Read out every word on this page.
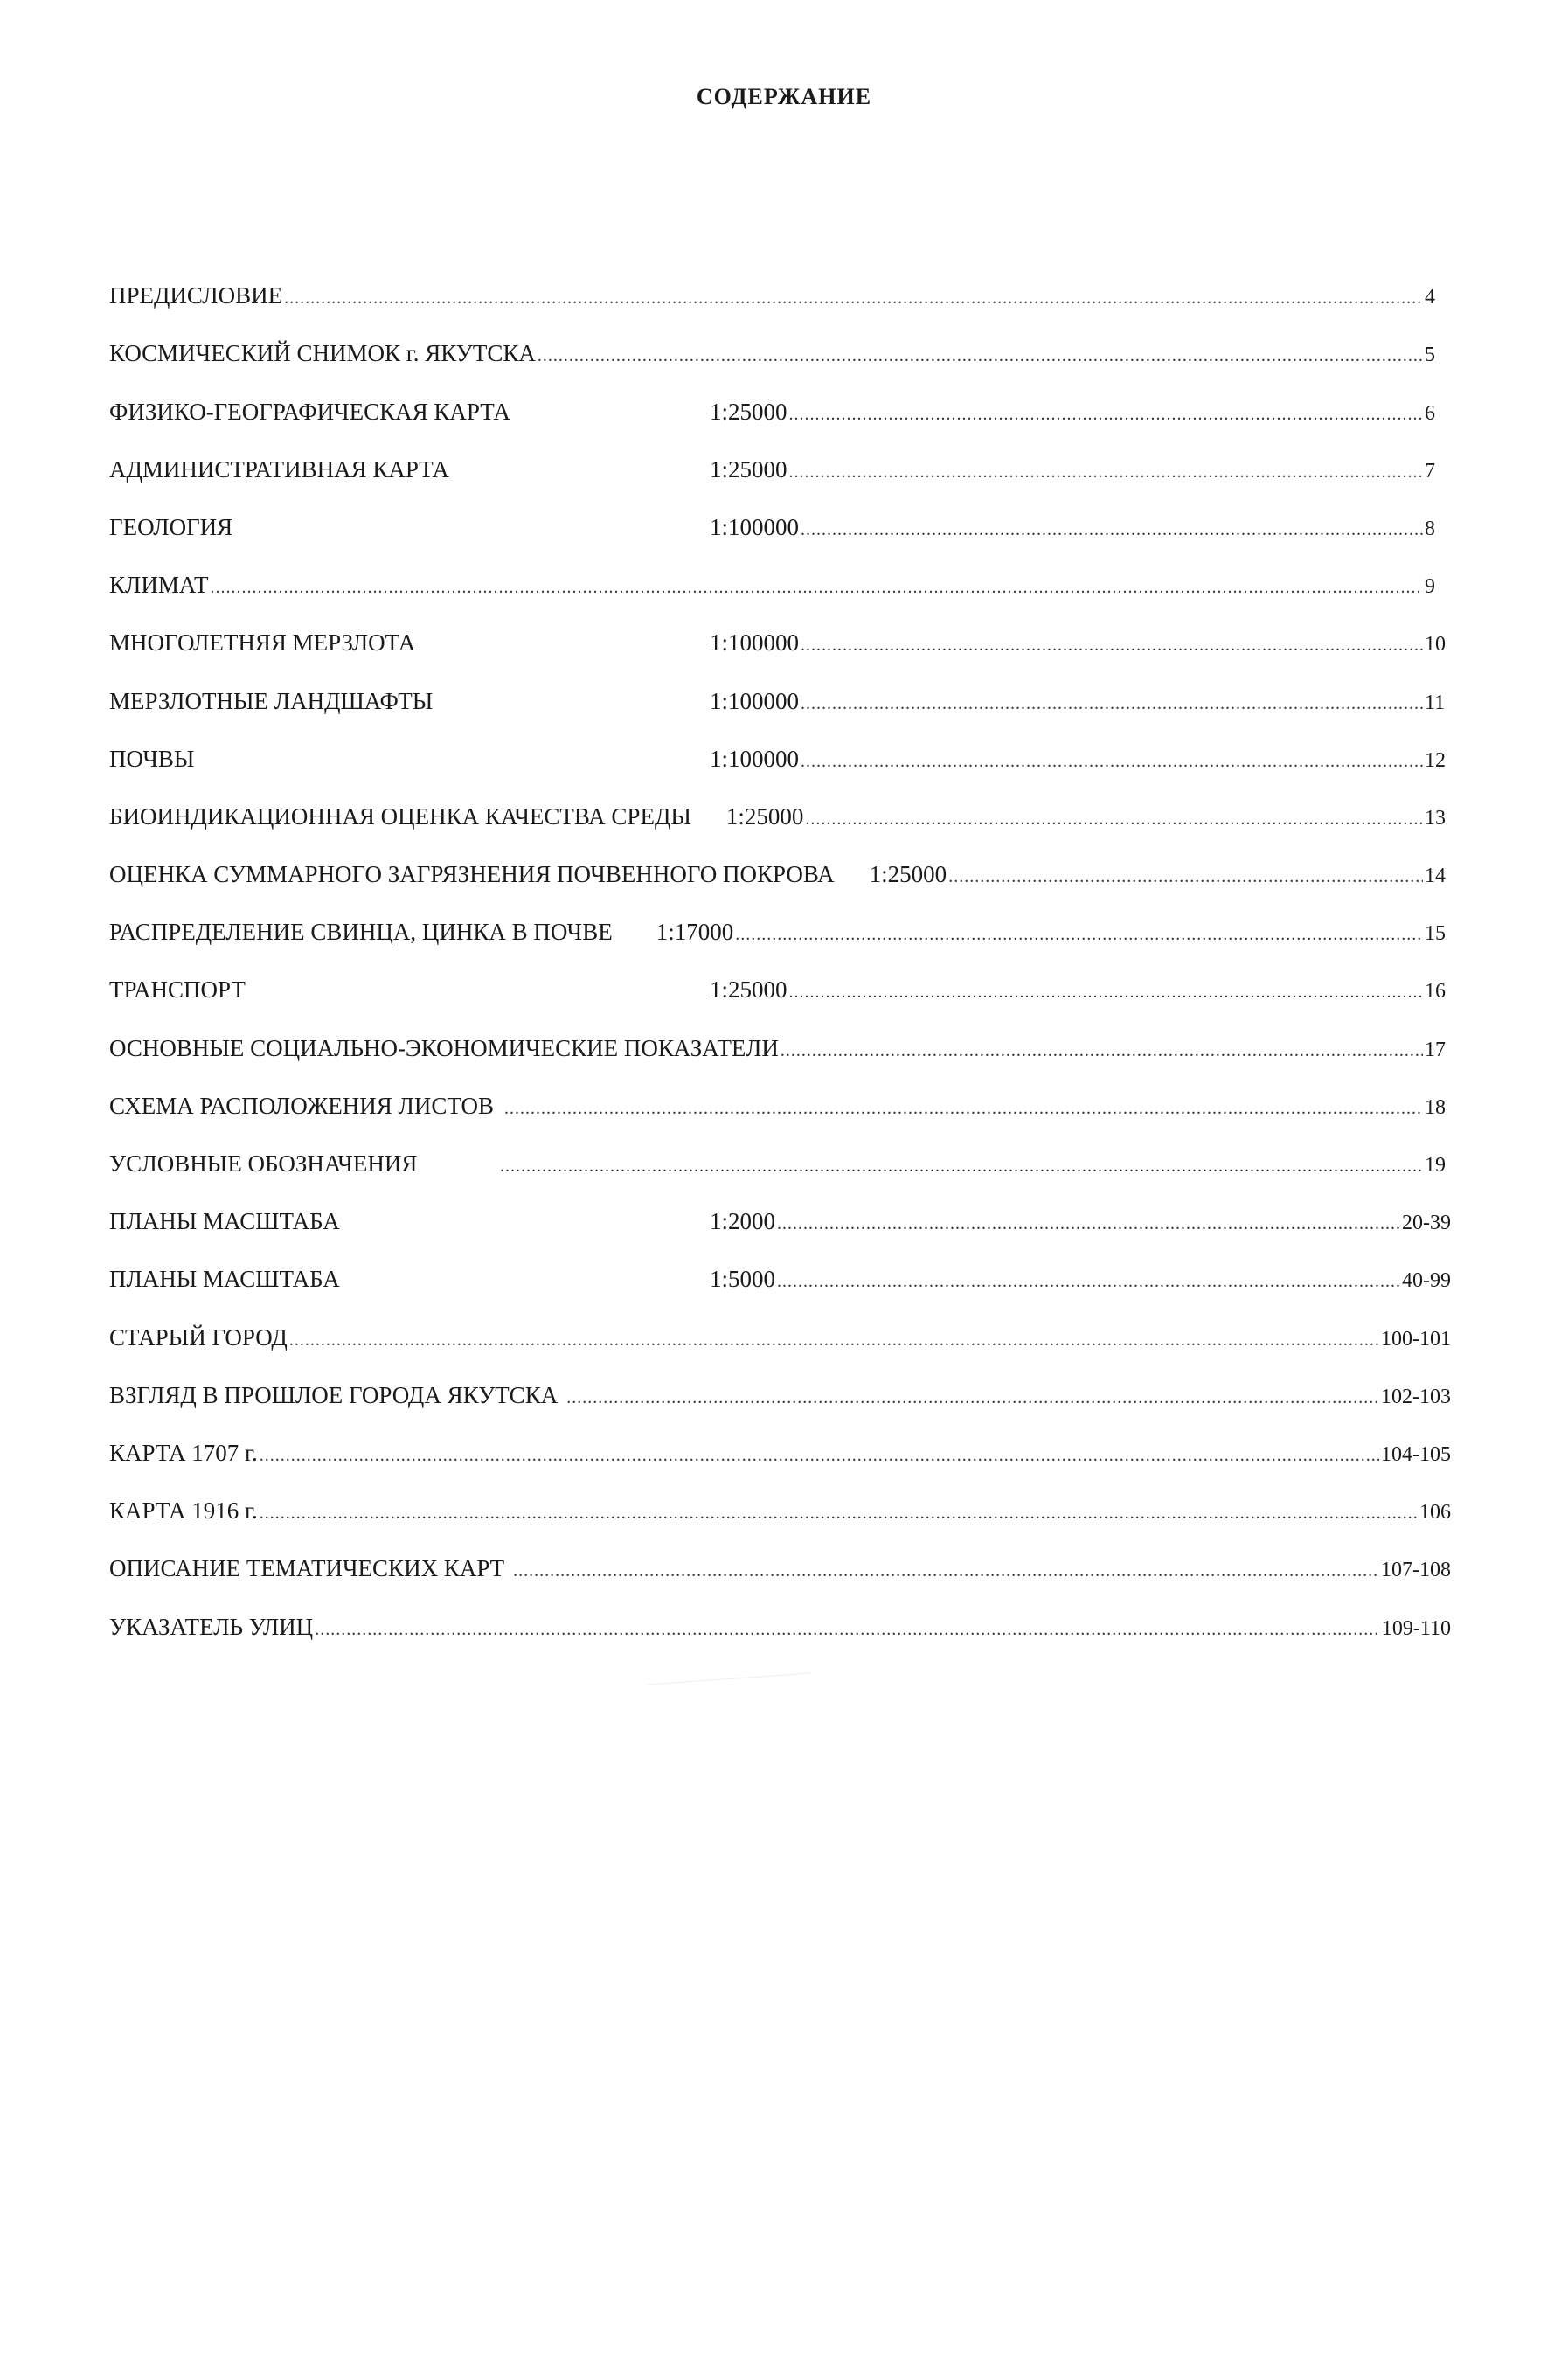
СОДЕРЖАНИЕ
ПРЕДИСЛОВИЕ .....	4
КОСМИЧЕСКИЙ СНИМОК г. ЯКУТСКА .....	5
ФИЗИКО-ГЕОГРАФИЧЕСКАЯ КАРТА	1:25000 .....	6
АДМИНИСТРАТИВНАЯ КАРТА	1:25000 .....	7
ГЕОЛОГИЯ	1:100000 .....	8
КЛИМАТ .....	9
МНОГОЛЕТНЯЯ МЕРЗЛОТА	1:100000 .....	10
МЕРЗЛОТНЫЕ ЛАНДШАФТЫ	1:100000 .....	11
ПОЧВЫ	1:100000 .....	12
БИОИНДИКАЦИОННАЯ ОЦЕНКА КАЧЕСТВА СРЕДЫ	1:25000 .....	13
ОЦЕНКА СУММАРНОГО ЗАГРЯЗНЕНИЯ ПОЧВЕННОГО ПОКРОВА	1:25000 .....	14
РАСПРЕДЕЛЕНИЕ СВИНЦА, ЦИНКА В ПОЧВЕ	1:17000 .....	15
ТРАНСПОРТ	1:25000 .....	16
ОСНОВНЫЕ СОЦИАЛЬНО-ЭКОНОМИЧЕСКИЕ ПОКАЗАТЕЛИ .....	17
СХЕМА РАСПОЛОЖЕНИЯ ЛИСТОВ .....	18
УСЛОВНЫЕ ОБОЗНАЧЕНИЯ .....	19
ПЛАНЫ МАСШТАБА	1:2000 .....	20-39
ПЛАНЫ МАСШТАБА	1:5000 .....	40-99
СТАРЫЙ ГОРОД .....	100-101
ВЗГЛЯД В ПРОШЛОЕ ГОРОДА ЯКУТСКА .....	102-103
КАРТА 1707 г. .....	104-105
КАРТА 1916 г. .....	106
ОПИСАНИЕ ТЕМАТИЧЕСКИХ КАРТ .....	107-108
УКАЗАТЕЛЬ УЛИЦ .....	109-110
